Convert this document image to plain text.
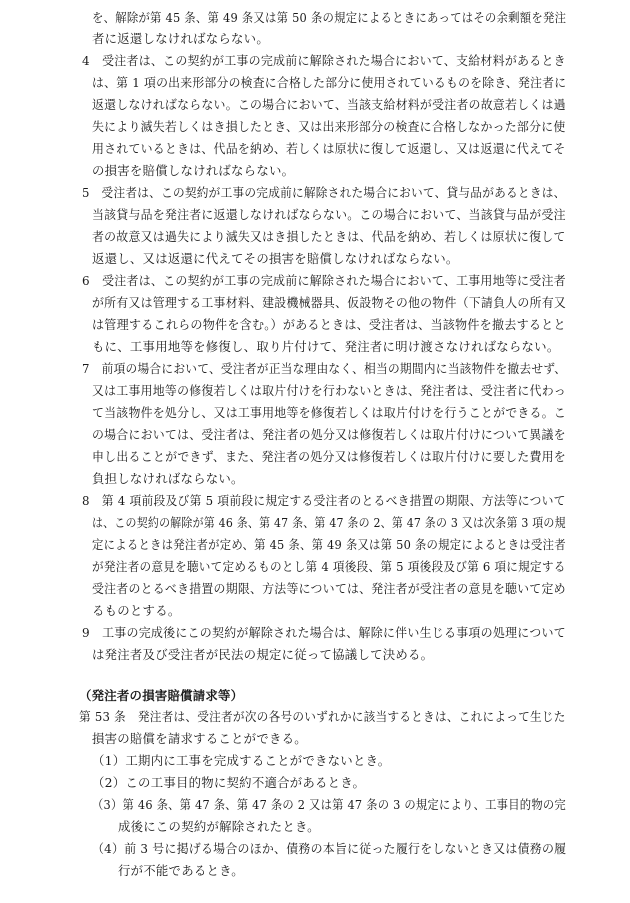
を、解除が第 45 条、第 49 条又は第 50 条の規定によるときにあってはその余剰額を発注
者に返還しなければならない。
4　受注者は、この契約が工事の完成前に解除された場合において、支給材料があるとき
は、第 1 項の出来形部分の検査に合格した部分に使用されているものを除き、発注者に
返還しなければならない。この場合において、当該支給材料が受注者の故意若しくは過
失により滅失若しくはき損したとき、又は出来形部分の検査に合格しなかった部分に使
用されているときは、代品を納め、若しくは原状に復して返還し、又は返還に代えてそ
の損害を賠償しなければならない。
5　受注者は、この契約が工事の完成前に解除された場合において、貸与品があるときは、
当該貸与品を発注者に返還しなければならない。この場合において、当該貸与品が受注
者の故意又は過失により滅失又はき損したときは、代品を納め、若しくは原状に復して
返還し、又は返還に代えてその損害を賠償しなければならない。
6　受注者は、この契約が工事の完成前に解除された場合において、工事用地等に受注者
が所有又は管理する工事材料、建設機械器具、仮設物その他の物件（下請負人の所有又
は管理するこれらの物件を含む。）があるときは、受注者は、当該物件を撤去するとと
もに、工事用地等を修復し、取り片付けて、発注者に明け渡さなければならない。
7　前項の場合において、受注者が正当な理由なく、相当の期間内に当該物件を撤去せず、
又は工事用地等の修復若しくは取片付けを行わないときは、発注者は、受注者に代わっ
て当該物件を処分し、又は工事用地等を修復若しくは取片付けを行うことができる。こ
の場合においては、受注者は、発注者の処分又は修復若しくは取片付けについて異議を
申し出ることができず、また、発注者の処分又は修復若しくは取片付けに要した費用を
負担しなければならない。
8　第 4 項前段及び第 5 項前段に規定する受注者のとるべき措置の期限、方法等について
は、この契約の解除が第 46 条、第 47 条、第 47 条の 2、第 47 条の 3 又は次条第 3 項の規
定によるときは発注者が定め、第 45 条、第 49 条又は第 50 条の規定によるときは受注者
が発注者の意見を聴いて定めるものとし第 4 項後段、第 5 項後段及び第 6 項に規定する
受注者のとるべき措置の期限、方法等については、発注者が受注者の意見を聴いて定め
るものとする。
9　工事の完成後にこの契約が解除された場合は、解除に伴い生じる事項の処理について
は発注者及び受注者が民法の規定に従って協議して決める。
（発注者の損害賠償請求等）
第 53 条　発注者は、受注者が次の各号のいずれかに該当するときは、これによって生じた
損害の賠償を請求することができる。
（1）工期内に工事を完成することができないとき。
（2）この工事目的物に契約不適合があるとき。
（3）第 46 条、第 47 条、第 47 条の 2 又は第 47 条の 3 の規定により、工事目的物の完
成後にこの契約が解除されたとき。
（4）前 3 号に掲げる場合のほか、債務の本旨に従った履行をしないとき又は債務の履
行が不能であるとき。
